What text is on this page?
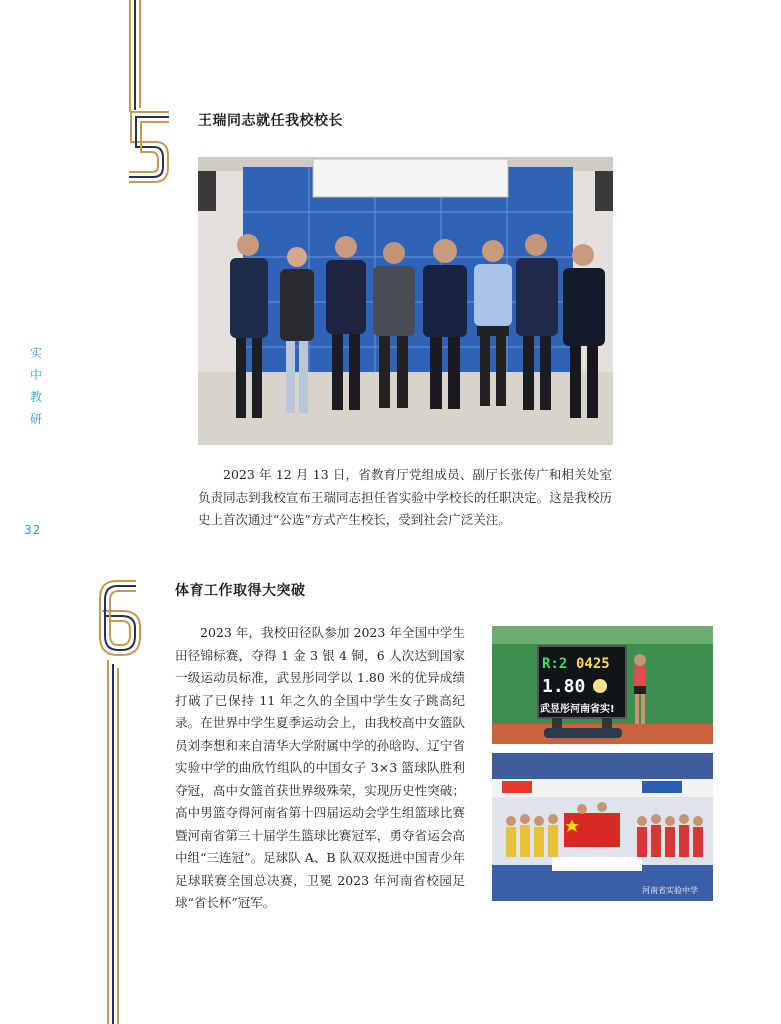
实
中
教
研
32
王瑞同志就任我校校长

2023 年 12 月 13 日，省教育厅党组成员、副厅长张传广和相关处室负责同志到我校宣布王瑞同志担任省实验中学校长的任职决定。这是我校历史上首次通过“公选”方式产生校长，受到社会广泛关注。

体育工作取得大突破

2023 年，我校田径队参加 2023 年全国中学生田径锦标赛，夺得 1 金 3 银 4 铜，6 人次达到国家一级运动员标准，武昱彤同学以 1.80 米的优异成绩打破了已保持 11 年之久的全国中学生女子跳高纪录。在世界中学生夏季运动会上，由我校高中女篮队员刘李想和来自清华大学附属中学的孙晗昀、辽宁省实验中学的曲欣竹组队的中国女子 3×3 篮球队胜利夺冠，高中女篮首获世界级殊荣，实现历史性突破；高中男篮夺得河南省第十四届运动会学生组篮球比赛暨河南省第三十届学生篮球比赛冠军，勇夺省运会高中组“三连冠”。足球队 A、B 队双双挺进中国青少年足球联赛全国总决赛，卫冕 2023 年河南省校园足球“省长杯”冠军。

R:2 0425
1.80
武昱彤河南省实!
河南省实验中学
